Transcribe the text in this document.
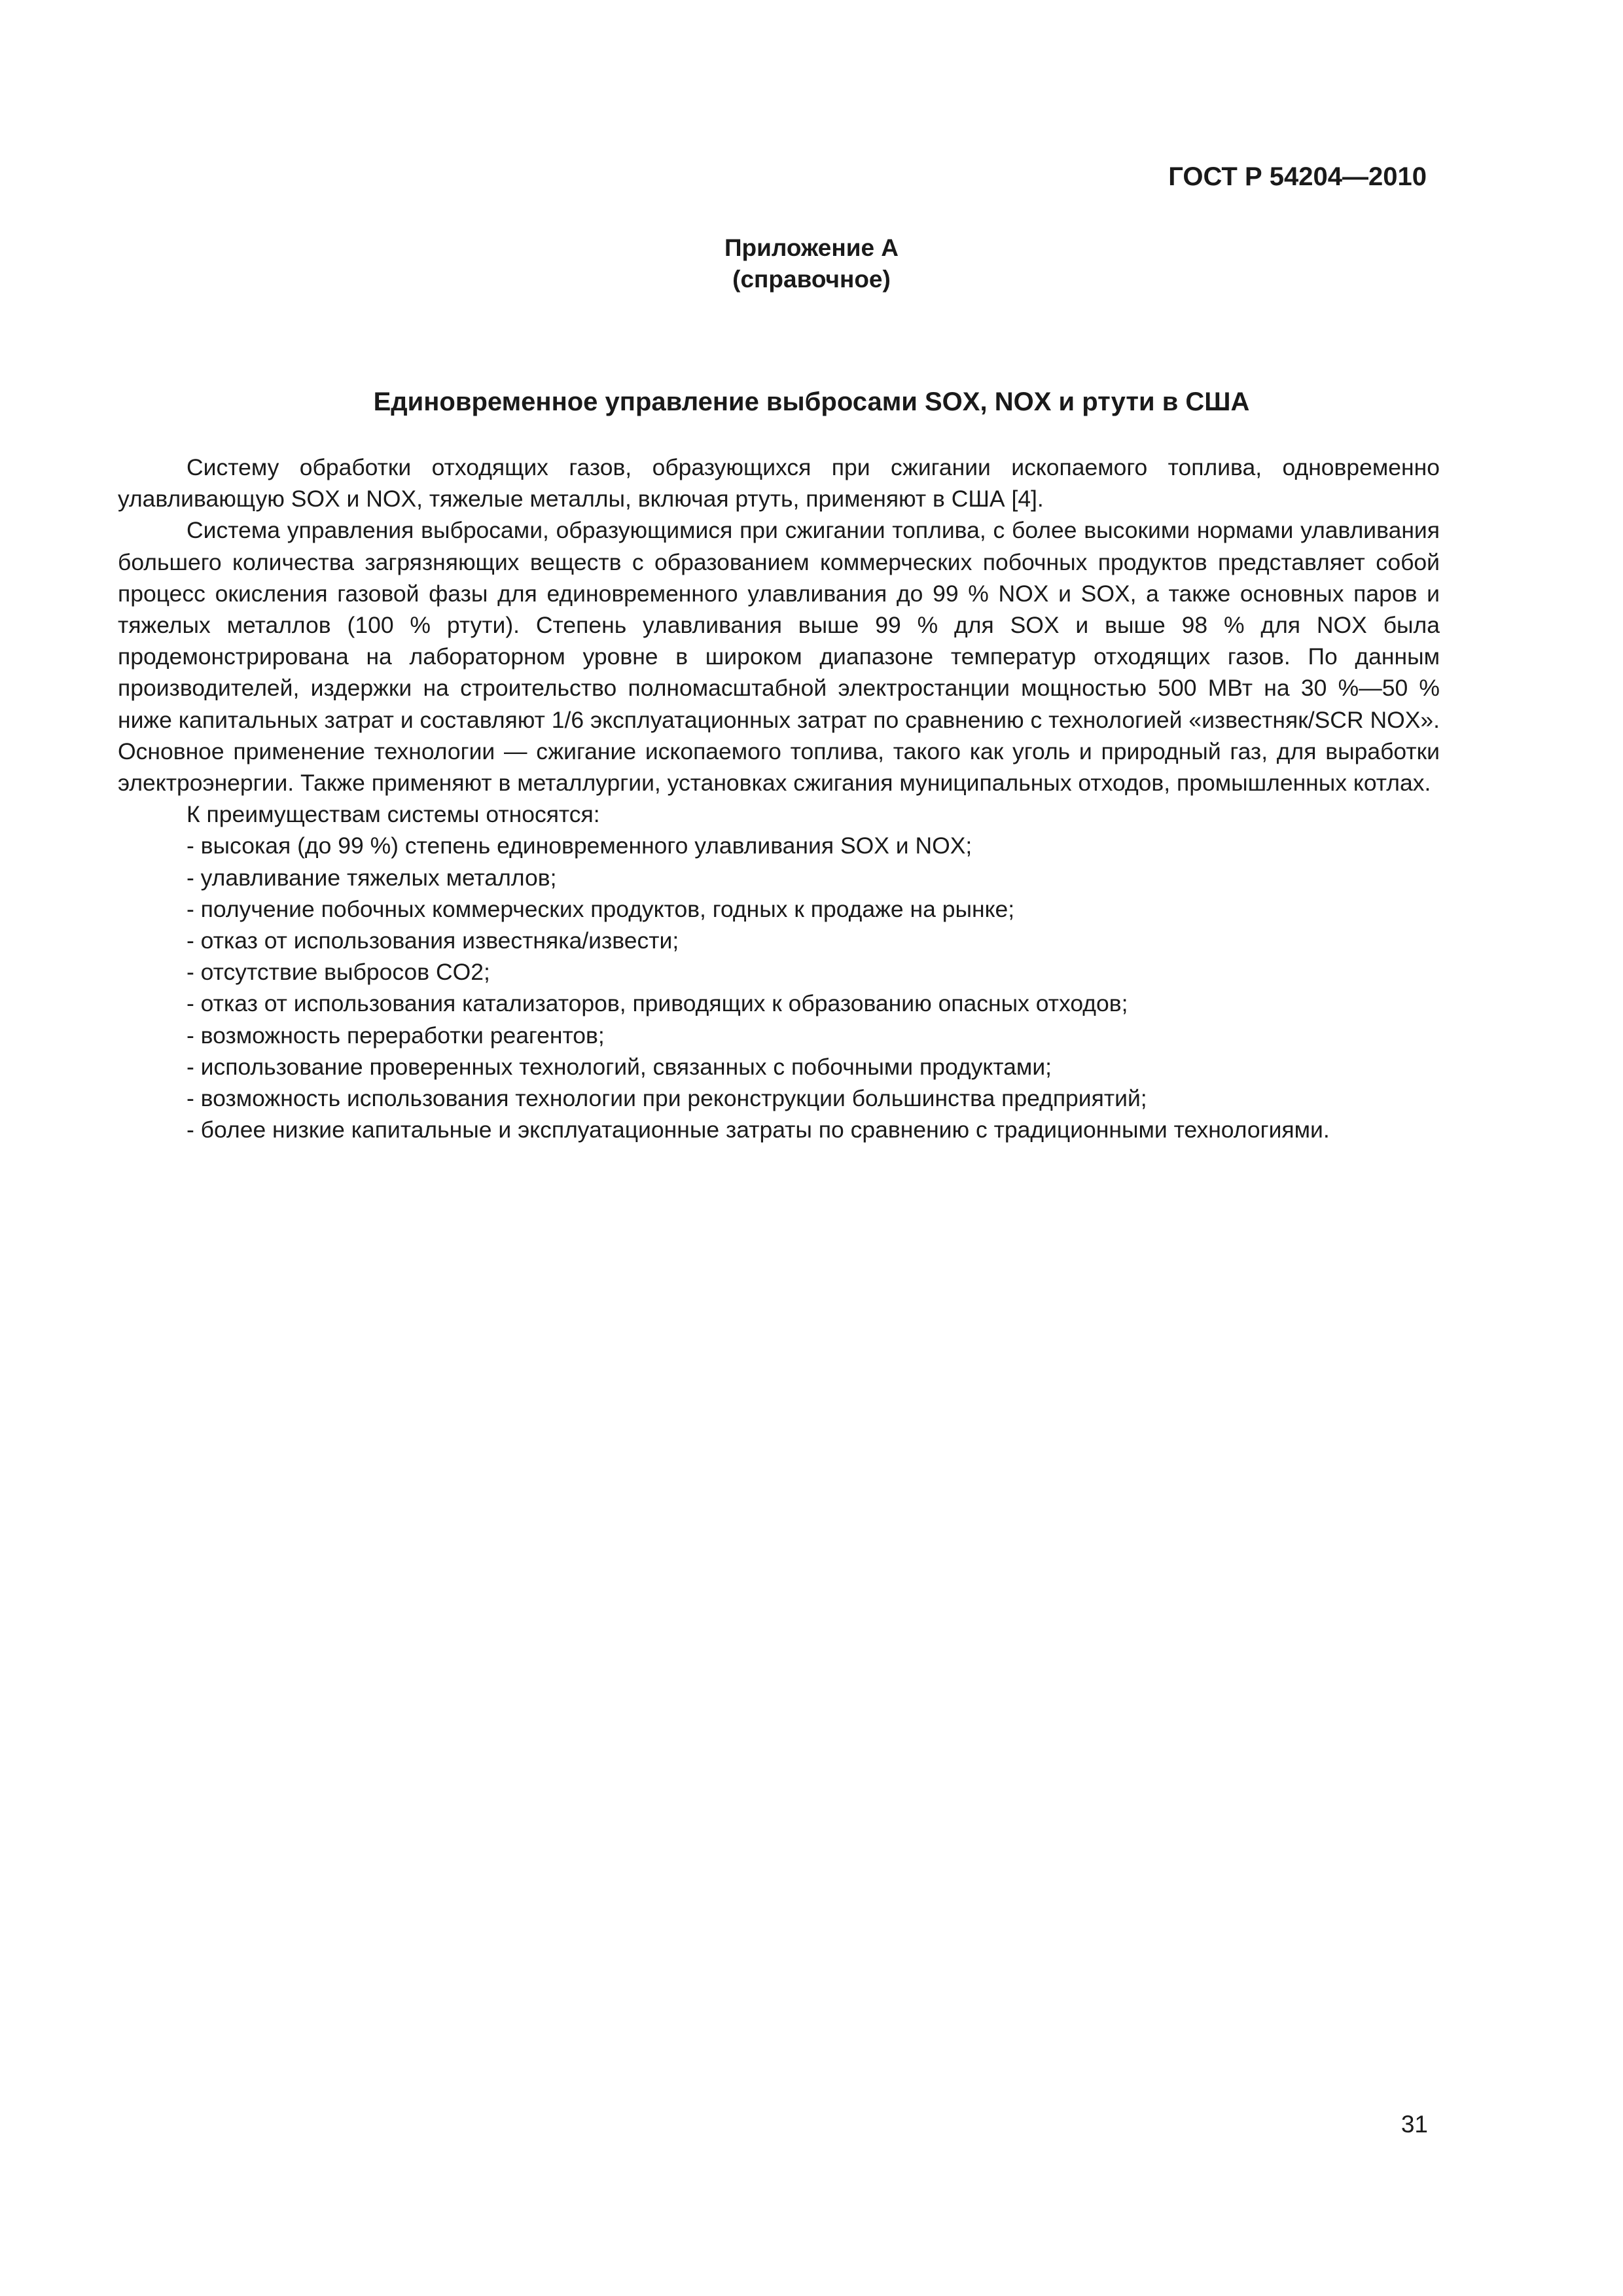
ГОСТ Р 54204—2010
Приложение А
(справочное)
Единовременное управление выбросами SOX, NOX и ртути в США

Систему обработки отходящих газов, образующихся при сжигании ископаемого топлива, одновременно улавливающую SOX и NOX, тяжелые металлы, включая ртуть, применяют в США [4].

Система управления выбросами, образующимися при сжигании топлива, с более высокими нормами улавливания большего количества загрязняющих веществ с образованием коммерческих побочных продуктов представляет собой процесс окисления газовой фазы для единовременного улавливания до 99 % NOX и SOX, а также основных паров и тяжелых металлов (100 % ртути). Степень улавливания выше 99 % для SOX и выше 98 % для NOX была продемонстрирована на лабораторном уровне в широком диапазоне температур отходящих газов. По данным производителей, издержки на строительство полномасштабной электростанции мощностью 500 МВт на 30 %—50 % ниже капитальных затрат и составляют 1/6 эксплуатационных затрат по сравнению с технологией «известняк/SCR NOX». Основное применение технологии — сжигание ископаемого топлива, такого как уголь и природный газ, для выработки электроэнергии. Также применяют в металлургии, установках сжигания муниципальных отходов, промышленных котлах.

К преимуществам системы относятся:

- высокая (до 99 %) степень единовременного улавливания SOX и NOX;
- улавливание тяжелых металлов;
- получение побочных коммерческих продуктов, годных к продаже на рынке;
- отказ от использования известняка/извести;
- отсутствие выбросов CO2;
- отказ от использования катализаторов, приводящих к образованию опасных отходов;
- возможность переработки реагентов;
- использование проверенных технологий, связанных с побочными продуктами;
- возможность использования технологии при реконструкции большинства предприятий;
- более низкие капитальные и эксплуатационные затраты по сравнению с традиционными технологиями.
31
